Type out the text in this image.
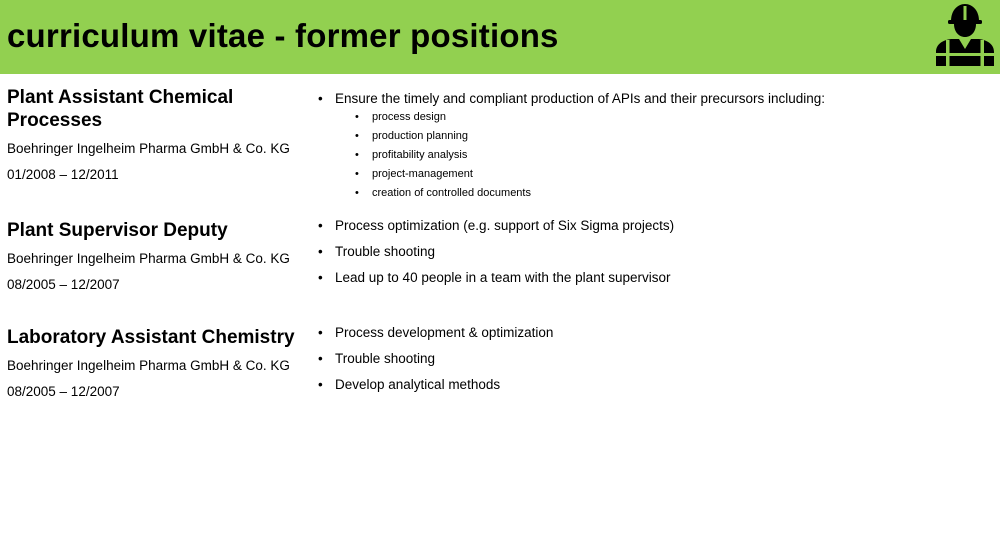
curriculum vitae - former positions
Plant Assistant Chemical Processes
Boehringer Ingelheim Pharma GmbH & Co. KG
01/2008 – 12/2011
• Ensure the timely and compliant production of APIs and their precursors including:
• process design
• production planning
• profitability analysis
• project-management
• creation of controlled documents
Plant Supervisor Deputy
Boehringer Ingelheim Pharma GmbH & Co. KG
08/2005 – 12/2007
• Process optimization (e.g. support of Six Sigma projects)
• Trouble shooting
• Lead up to 40 people in a team with the plant supervisor
Laboratory Assistant Chemistry
Boehringer Ingelheim Pharma GmbH & Co. KG
08/2005 – 12/2007
• Process development & optimization
• Trouble shooting
• Develop analytical methods
